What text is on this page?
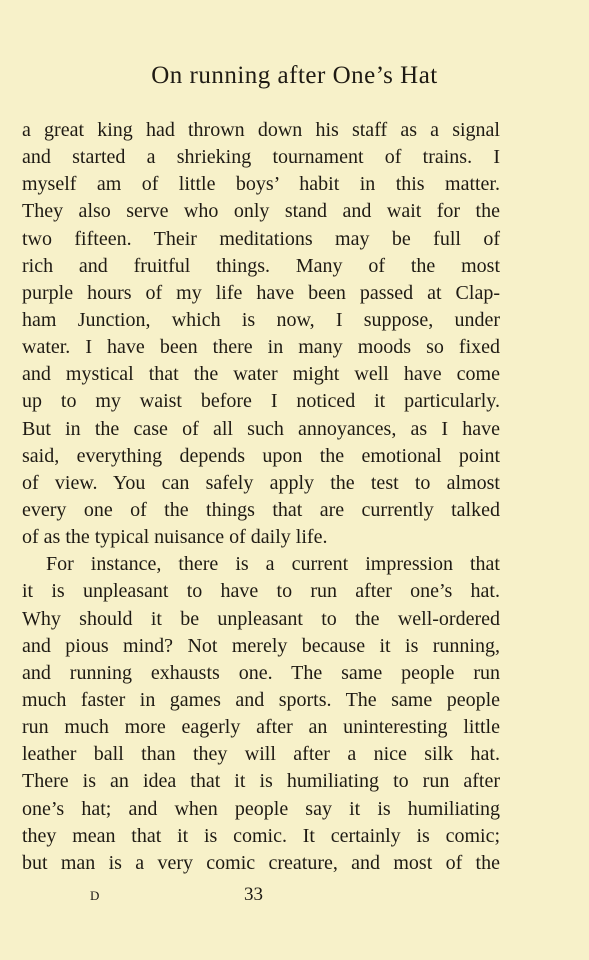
On running after One’s Hat
a great king had thrown down his staff as a signal
and started a shrieking tournament of trains. I
myself am of little boys’ habit in this matter.
They also serve who only stand and wait for the
two fifteen. Their meditations may be full of
rich and fruitful things. Many of the most
purple hours of my life have been passed at Clap-
ham Junction, which is now, I suppose, under
water. I have been there in many moods so fixed
and mystical that the water might well have come
up to my waist before I noticed it particularly.
But in the case of all such annoyances, as I have
said, everything depends upon the emotional point
of view. You can safely apply the test to almost
every one of the things that are currently talked
of as the typical nuisance of daily life.
For instance, there is a current impression that
it is unpleasant to have to run after one’s hat.
Why should it be unpleasant to the well-ordered
and pious mind? Not merely because it is running,
and running exhausts one. The same people run
much faster in games and sports. The same people
run much more eagerly after an uninteresting little
leather ball than they will after a nice silk hat.
There is an idea that it is humiliating to run after
one’s hat; and when people say it is humiliating
they mean that it is comic. It certainly is comic;
but man is a very comic creature, and most of the
D	33
